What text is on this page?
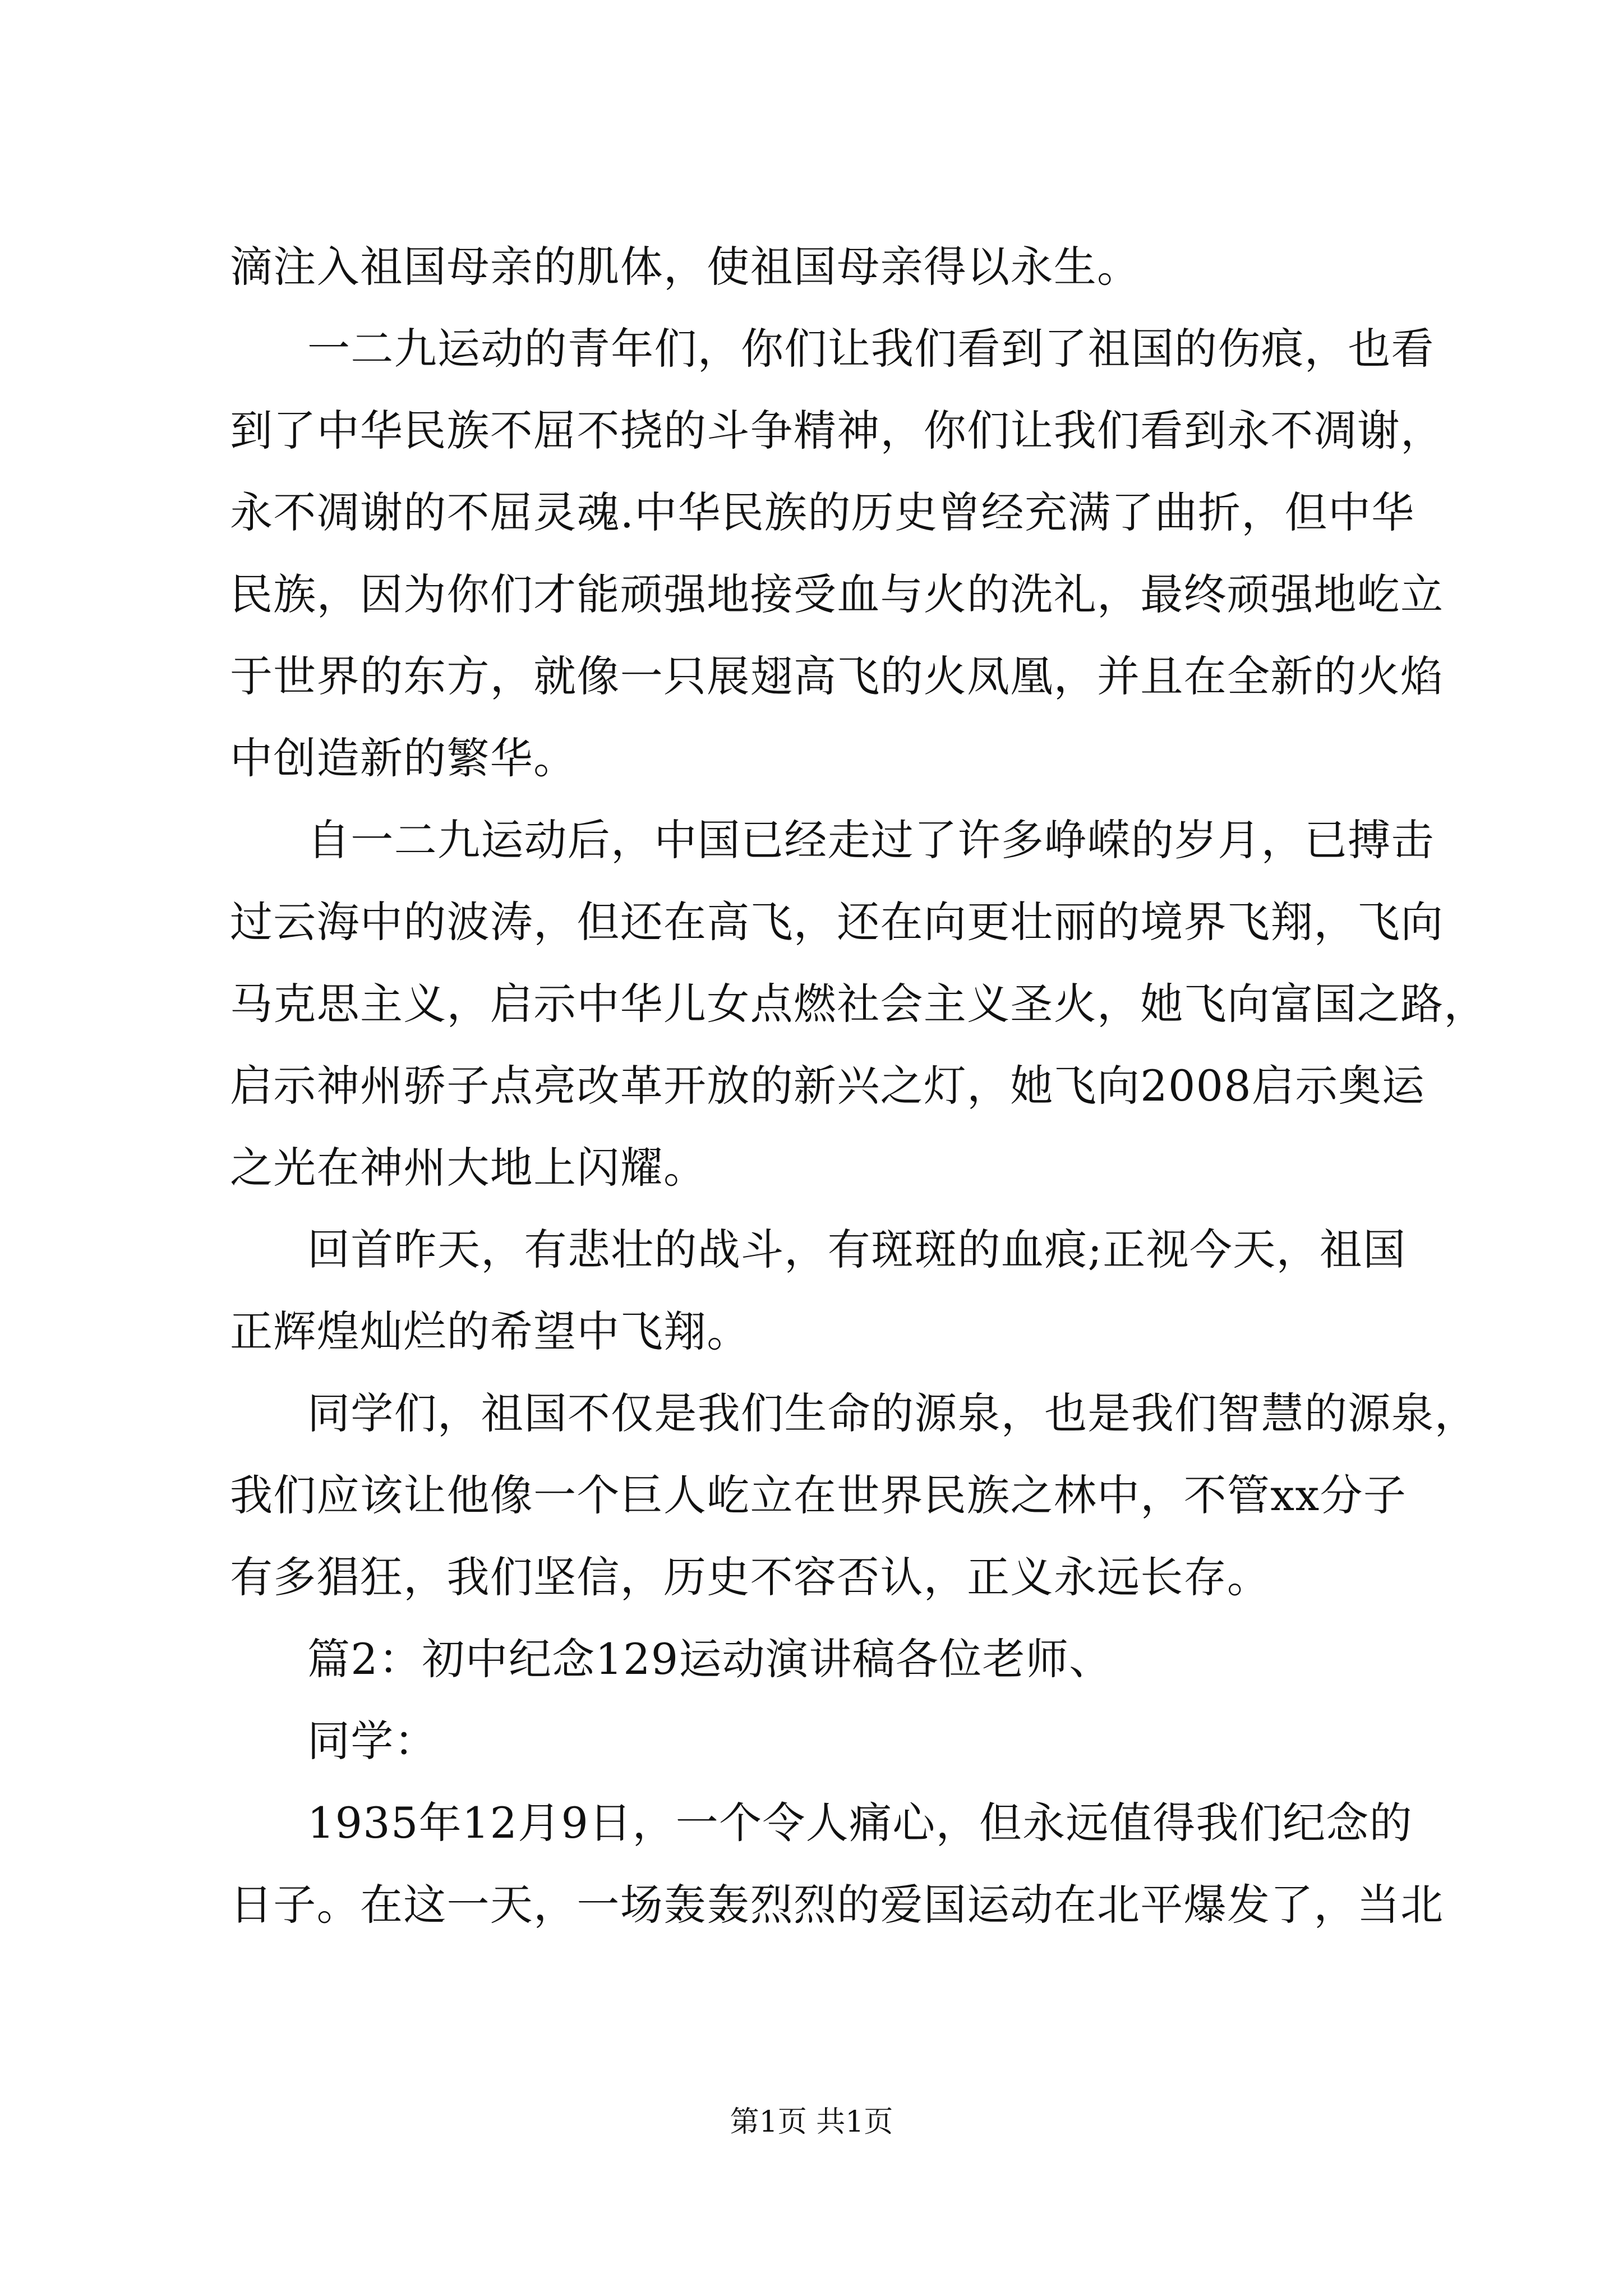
滴注入祖国母亲的肌体，使祖国母亲得以永生。
一二九运动的青年们，你们让我们看到了祖国的伤痕，也看
到了中华民族不屈不挠的斗争精神，你们让我们看到永不凋谢，
永不凋谢的不屈灵魂.中华民族的历史曾经充满了曲折，但中华
民族，因为你们才能顽强地接受血与火的洗礼，最终顽强地屹立
于世界的东方，就像一只展翅高飞的火凤凰，并且在全新的火焰
中创造新的繁华。
自一二九运动后，中国已经走过了许多峥嵘的岁月，已搏击
过云海中的波涛，但还在高飞，还在向更壮丽的境界飞翔，飞向
马克思主义，启示中华儿女点燃社会主义圣火，她飞向富国之路，
启示神州骄子点亮改革开放的新兴之灯，她飞向2008启示奥运
之光在神州大地上闪耀。
回首昨天，有悲壮的战斗，有斑斑的血痕;正视今天，祖国
正辉煌灿烂的希望中飞翔。
同学们，祖国不仅是我们生命的源泉，也是我们智慧的源泉，
我们应该让他像一个巨人屹立在世界民族之林中，不管xx分子
有多猖狂，我们坚信，历史不容否认，正义永远长存。
篇2：初中纪念129运动演讲稿各位老师、
同学：
1935年12月9日，一个令人痛心，但永远值得我们纪念的
日子。在这一天，一场轰轰烈烈的爱国运动在北平爆发了，当北
第1页 共1页
